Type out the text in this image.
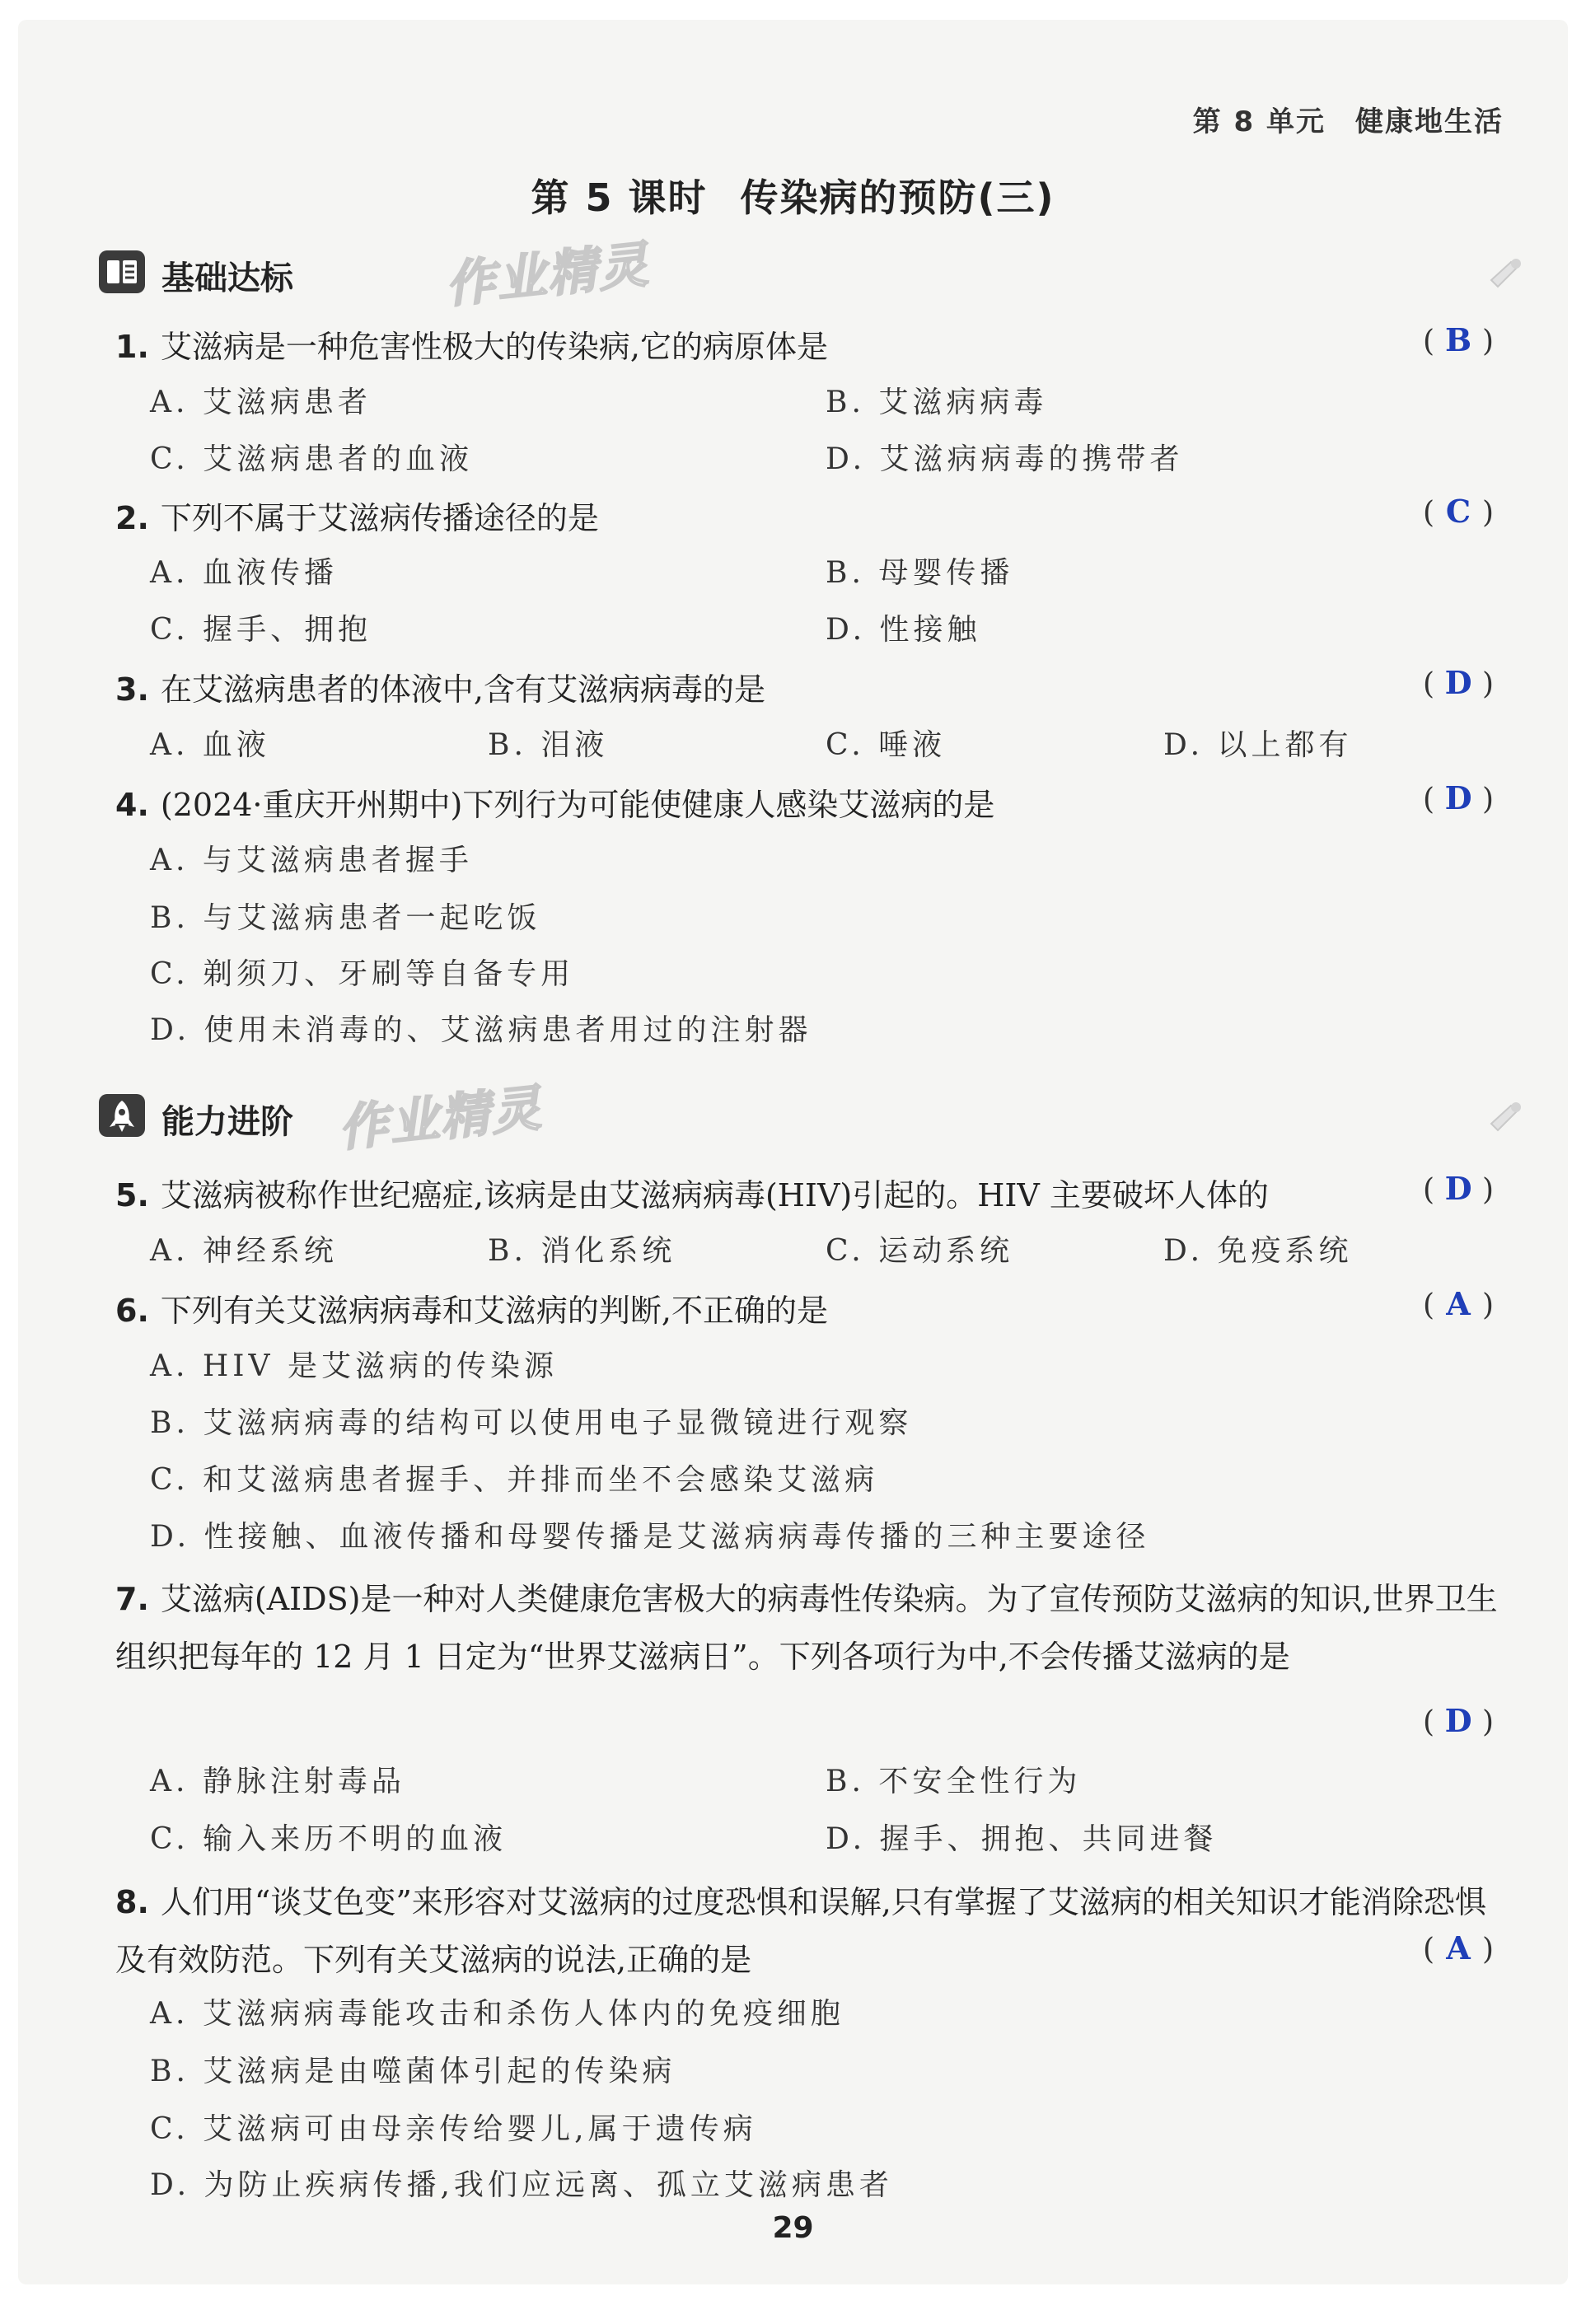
第 8 单元 健康地生活
第 5 课时 传染病的预防(三)
基础达标	作业精灵
1. 艾滋病是一种危害性极大的传染病,它的病原体是	( B )
A. 艾滋病患者	B. 艾滋病病毒
C. 艾滋病患者的血液	D. 艾滋病病毒的携带者
2. 下列不属于艾滋病传播途径的是	( C )
A. 血液传播	B. 母婴传播
C. 握手、拥抱	D. 性接触
3. 在艾滋病患者的体液中,含有艾滋病病毒的是	( D )
A. 血液	B. 泪液	C. 唾液	D. 以上都有
4. (2024·重庆开州期中)下列行为可能使健康人感染艾滋病的是	( D )
A. 与艾滋病患者握手
B. 与艾滋病患者一起吃饭
C. 剃须刀、牙刷等自备专用
D. 使用未消毒的、艾滋病患者用过的注射器
能力进阶 作业精灵
5. 艾滋病被称作世纪癌症,该病是由艾滋病病毒(HIV)引起的。HIV 主要破坏人体的	( D )
A. 神经系统	B. 消化系统	C. 运动系统	D. 免疫系统
6. 下列有关艾滋病病毒和艾滋病的判断,不正确的是	( A )
A. HIV 是艾滋病的传染源
B. 艾滋病病毒的结构可以使用电子显微镜进行观察
C. 和艾滋病患者握手、并排而坐不会感染艾滋病
D. 性接触、血液传播和母婴传播是艾滋病病毒传播的三种主要途径
7. 艾滋病(AIDS)是一种对人类健康危害极大的病毒性传染病。为了宣传预防艾滋病的知识,世界卫生组织把每年的 12 月 1 日定为“世界艾滋病日”。下列各项行为中,不会传播艾滋病的是
( D )
A. 静脉注射毒品	B. 不安全性行为
C. 输入来历不明的血液	D. 握手、拥抱、共同进餐
8. 人们用“谈艾色变”来形容对艾滋病的过度恐惧和误解,只有掌握了艾滋病的相关知识才能消除恐惧及有效防范。下列有关艾滋病的说法,正确的是	( A )
A. 艾滋病病毒能攻击和杀伤人体内的免疫细胞
B. 艾滋病是由噬菌体引起的传染病
C. 艾滋病可由母亲传给婴儿,属于遗传病
D. 为防止疾病传播,我们应远离、孤立艾滋病患者
29
